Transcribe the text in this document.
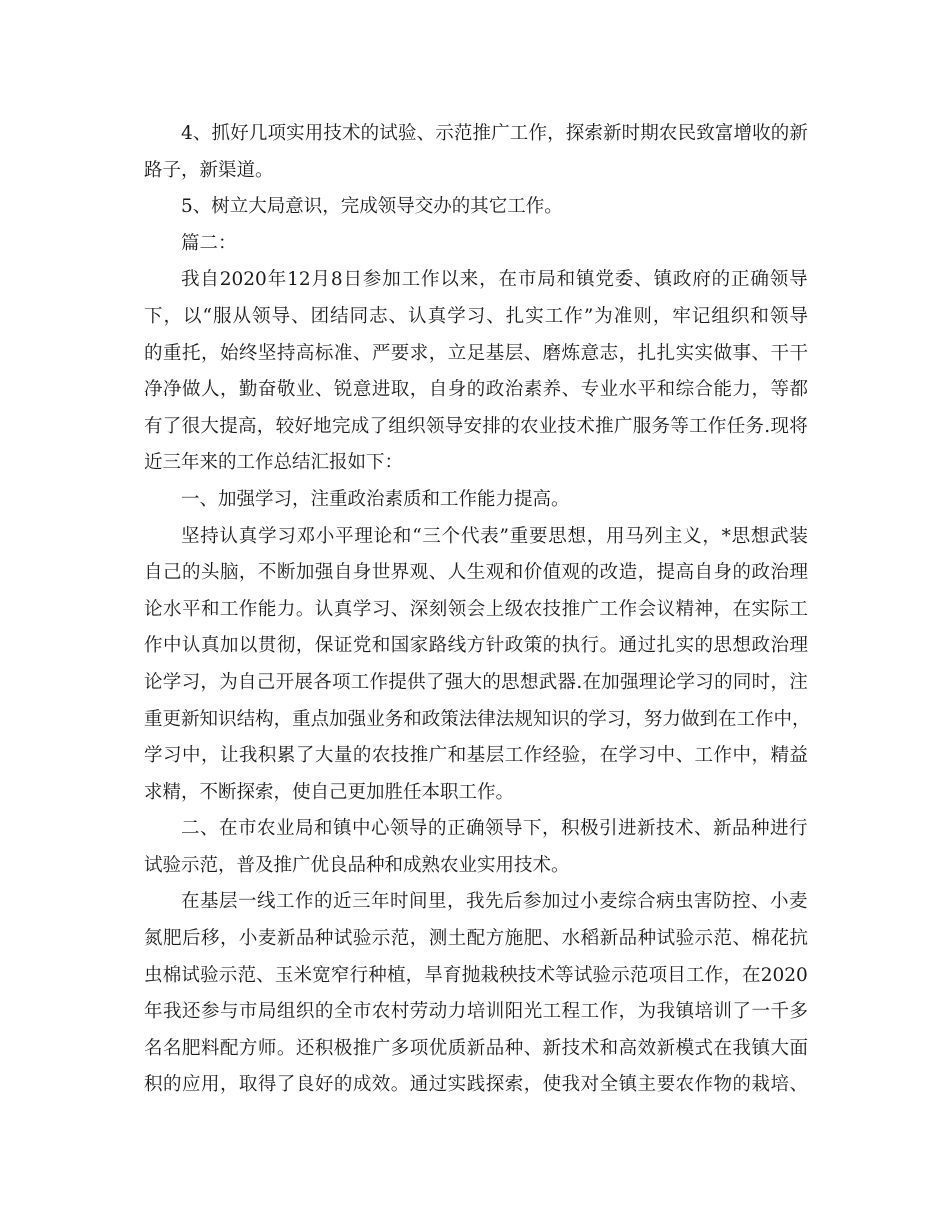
4 、 抓 好 几 项 实 用 技 术 的 试 验 、 示 范 推 广 工 作 ， 探 索 新 时 期 农 民 致 富 增 收 的 新
路子，新渠道。
5、树立大局意识，完成领导交办的其它工作。
篇二：
我 自 2020 年 12 月 8 日 参 加 工 作 以 来 ， 在 市 局 和 镇 党 委 、 镇 政 府 的 正 确 领 导
下 ， 以 “ 服 从 领 导 、 团 结 同 志 、 认 真 学 习 、 扎 实 工 作 ” 为 准 则 ， 牢 记 组 织 和 领 导
的 重 托 ， 始 终 坚 持 高 标 准 、 严 要 求 ， 立 足 基 层 、 磨 炼 意 志 ， 扎 扎 实 实 做 事 、 干 干
净 净 做 人 ， 勤 奋 敬 业 、 锐 意 进 取 ， 自 身 的 政 治 素 养 、 专 业 水 平 和 综 合 能 力 ， 等 都
有 了 很 大 提 高 ， 较 好 地 完 成 了 组 织 领 导 安 排 的 农 业 技 术 推 广 服 务 等 工 作 任 务 . 现 将
近三年来的工作总结汇报如下：
一、加强学习，注重政治素质和工作能力提高。
坚 持 认 真 学 习 邓 小 平 理 论 和 “ 三 个 代 表 ” 重 要 思 想 ， 用 马 列 主 义 ， * 思 想 武 装
自 己 的 头 脑 ， 不 断 加 强 自 身 世 界 观 、 人 生 观 和 价 值 观 的 改 造 ， 提 高 自 身 的 政 治 理
论 水 平 和 工 作 能 力 。 认 真 学 习 、 深 刻 领 会 上 级 农 技 推 广 工 作 会 议 精 神 ， 在 实 际 工
作 中 认 真 加 以 贯 彻 ， 保 证 党 和 国 家 路 线 方 针 政 策 的 执 行 。 通 过 扎 实 的 思 想 政 治 理
论 学 习 ， 为 自 己 开 展 各 项 工 作 提 供 了 强 大 的 思 想 武 器 . 在 加 强 理 论 学 习 的 同 时 ， 注
重 更 新 知 识 结 构 ， 重 点 加 强 业 务 和 政 策 法 律 法 规 知 识 的 学 习 ， 努 力 做 到 在 工 作 中 ，
学 习 中 ， 让 我 积 累 了 大 量 的 农 技 推 广 和 基 层 工 作 经 验 ， 在 学 习 中 、 工 作 中 ， 精 益
求精，不断探索，使自己更加胜任本职工作。
二 、 在 市 农 业 局 和 镇 中 心 领 导 的 正 确 领 导 下 ， 积 极 引 进 新 技 术 、 新 品 种 进 行
试验示范，普及推广优良品种和成熟农业实用技术。
在 基 层 一 线 工 作 的 近 三 年 时 间 里 ， 我 先 后 参 加 过 小 麦 综 合 病 虫 害 防 控 、 小 麦
氮 肥 后 移 ， 小 麦 新 品 种 试 验 示 范 ， 测 土 配 方 施 肥 、 水 稻 新 品 种 试 验 示 范 、 棉 花 抗
虫 棉 试 验 示 范 、 玉 米 宽 窄 行 种 植 ， 旱 育 抛 栽 秧 技 术 等 试 验 示 范 项 目 工 作 ， 在 2020
年 我 还 参 与 市 局 组 织 的 全 市 农 村 劳 动 力 培 训 阳 光 工 程 工 作 ， 为 我 镇 培 训 了 一 千 多
名 名 肥 料 配 方 师 。 还 积 极 推 广 多 项 优 质 新 品 种 、 新 技 术 和 高 效 新 模 式 在 我 镇 大 面
积 的 应 用 ， 取 得 了 良 好 的 成 效 。 通 过 实 践 探 索 ， 使 我 对 全 镇 主 要 农 作 物 的 栽 培 、
